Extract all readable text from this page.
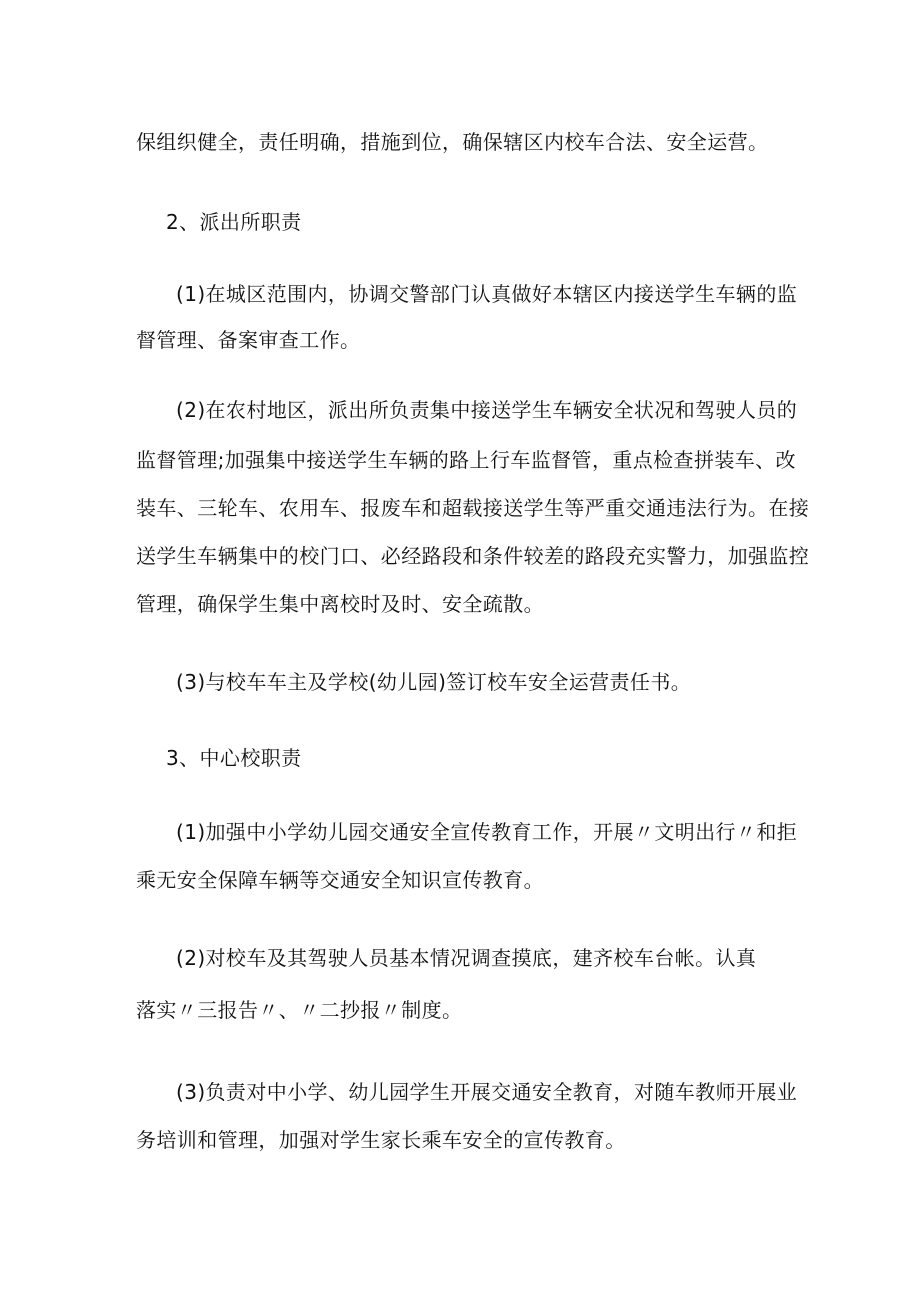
保组织健全，责任明确，措施到位，确保辖区内校车合法、安全运营。
2、派出所职责
(1)在城区范围内，协调交警部门认真做好本辖区内接送学生车辆的监
督管理、备案审查工作。
(2)在农村地区，派出所负责集中接送学生车辆安全状况和驾驶人员的
监督管理;加强集中接送学生车辆的路上行车监督管，重点检查拼装车、改
装车、三轮车、农用车、报废车和超载接送学生等严重交通违法行为。在接
送学生车辆集中的校门口、必经路段和条件较差的路段充实警力，加强监控
管理，确保学生集中离校时及时、安全疏散。
(3)与校车车主及学校(幼儿园)签订校车安全运营责任书。
3、中心校职责
(1)加强中小学幼儿园交通安全宣传教育工作，开展〃文明出行〃和拒
乘无安全保障车辆等交通安全知识宣传教育。
(2)对校车及其驾驶人员基本情况调查摸底，建齐校车台帐。认真
落实〃三报告〃、〃二抄报〃制度。
(3)负责对中小学、幼儿园学生开展交通安全教育，对随车教师开展业
务培训和管理，加强对学生家长乘车安全的宣传教育。
